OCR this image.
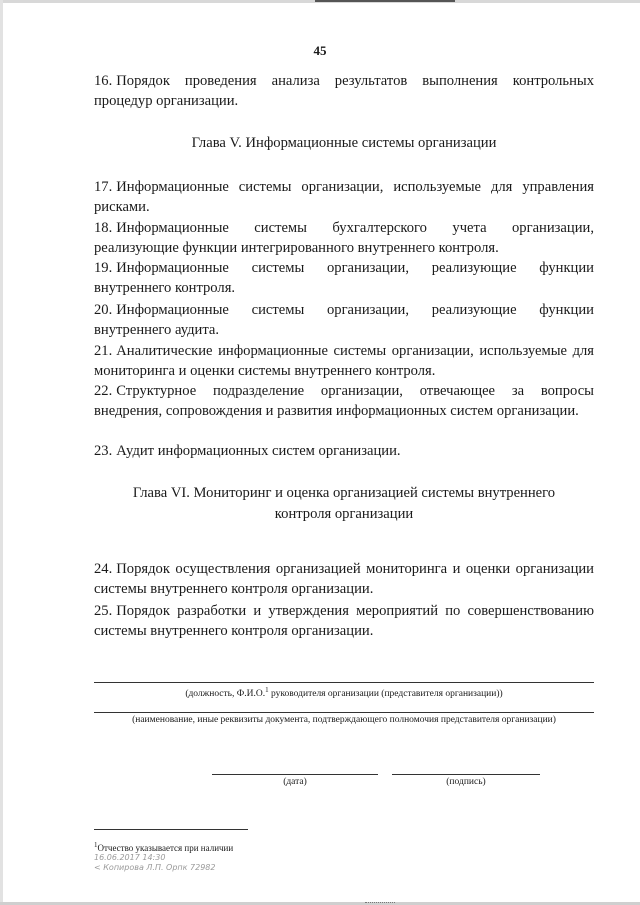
45
16. Порядок проведения анализа результатов выполнения контрольных процедур организации.
Глава V. Информационные системы организации
17. Информационные системы организации, используемые для управления рисками.
18. Информационные системы бухгалтерского учета организации, реализующие функции интегрированного внутреннего контроля.
19. Информационные системы организации, реализующие функции внутреннего контроля.
20. Информационные системы организации, реализующие функции внутреннего аудита.
21. Аналитические информационные системы организации, используемые для мониторинга и оценки системы внутреннего контроля.
22. Структурное подразделение организации, отвечающее за вопросы внедрения, сопровождения и развития информационных систем организации.
23. Аудит информационных систем организации.
Глава VI. Мониторинг и оценка организацией системы внутреннего
контроля организации
24. Порядок осуществления организацией мониторинга и оценки организации системы внутреннего контроля организации.
25. Порядок разработки и утверждения мероприятий по совершенствованию системы внутреннего контроля организации.
(должность, Ф.И.О.$^1$ руководителя организации (представителя организации))
(наименование, иные реквизиты документа, подтверждающего полномочия представителя организации)
(дата)	(подпись)
$^1$Отчество указывается при наличии
16.06.2017 14:30
< Копирова Л.П. Орпк 72982
